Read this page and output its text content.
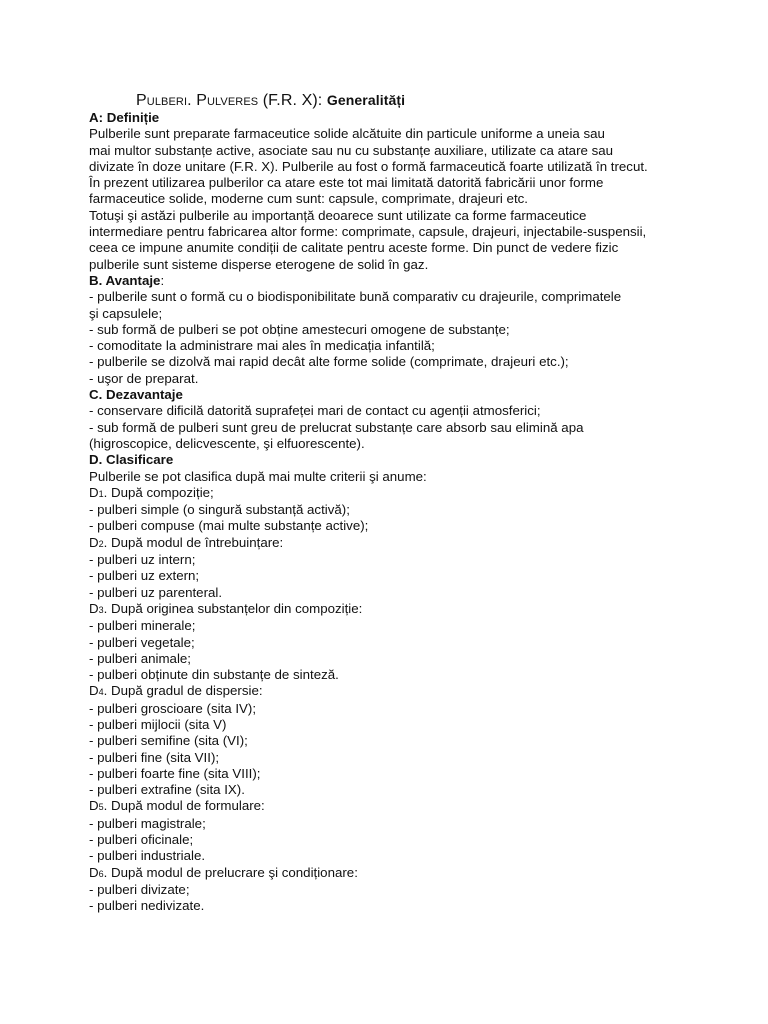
Pulberi. Pulveres (F.R. X): Generalități
A: Definiție

Pulberile sunt preparate farmaceutice solide alcătuite din particule uniforme a uneia sau

mai multor substanțe active, asociate sau nu cu substanțe auxiliare, utilizate ca atare sau

divizate în doze unitare (F.R. X). Pulberile au fost o formă farmaceutică foarte utilizată în trecut.

În prezent utilizarea pulberilor ca atare este tot mai limitată datorită fabricării unor forme

farmaceutice solide, moderne cum sunt: capsule, comprimate, drajeuri etc.

Totuşi şi astăzi pulberile au importanță deoarece sunt utilizate ca forme farmaceutice

intermediare pentru fabricarea altor forme: comprimate, capsule, drajeuri, injectabile-suspensii,

ceea ce impune anumite condiții de calitate pentru aceste forme. Din punct de vedere fizic

pulberile sunt sisteme disperse eterogene de solid în gaz.

B. Avantaje:

- pulberile sunt o formă cu o biodisponibilitate bună comparativ cu drajeurile, comprimatele

şi capsulele;

- sub formă de pulberi se pot obține amestecuri omogene de substanțe;

- comoditate la administrare mai ales în medicația infantilă;

- pulberile se dizolvă mai rapid decât alte forme solide (comprimate, drajeuri etc.);

- uşor de preparat.

C. Dezavantaje

- conservare dificilă datorită suprafeței mari de contact cu agenții atmosferici;

- sub formă de pulberi sunt greu de prelucrat substanțe care absorb sau elimină apa

(higroscopice, delicvescente, şi elfuorescente).

D. Clasificare

Pulberile se pot clasifica după mai multe criterii şi anume:

D1. După compoziție;

- pulberi simple (o singură substanță activă);

- pulberi compuse (mai multe substanțe active);

D2. După modul de întrebuințare:

- pulberi uz intern;

- pulberi uz extern;

- pulberi uz parenteral.

D3. După originea substanțelor din compoziție:

- pulberi minerale;

- pulberi vegetale;

- pulberi animale;

- pulberi obținute din substanțe de sinteză.

D4. După gradul de dispersie:

- pulberi groscioare (sita IV);

- pulberi mijlocii (sita V)

- pulberi semifine (sita (VI);

- pulberi fine (sita VII);

- pulberi foarte fine (sita VIII);

- pulberi extrafine (sita IX).

D5. După modul de formulare:

- pulberi magistrale;

- pulberi oficinale;

- pulberi industriale.

D6. După modul de prelucrare şi condiționare:

- pulberi divizate;

- pulberi nedivizate.
